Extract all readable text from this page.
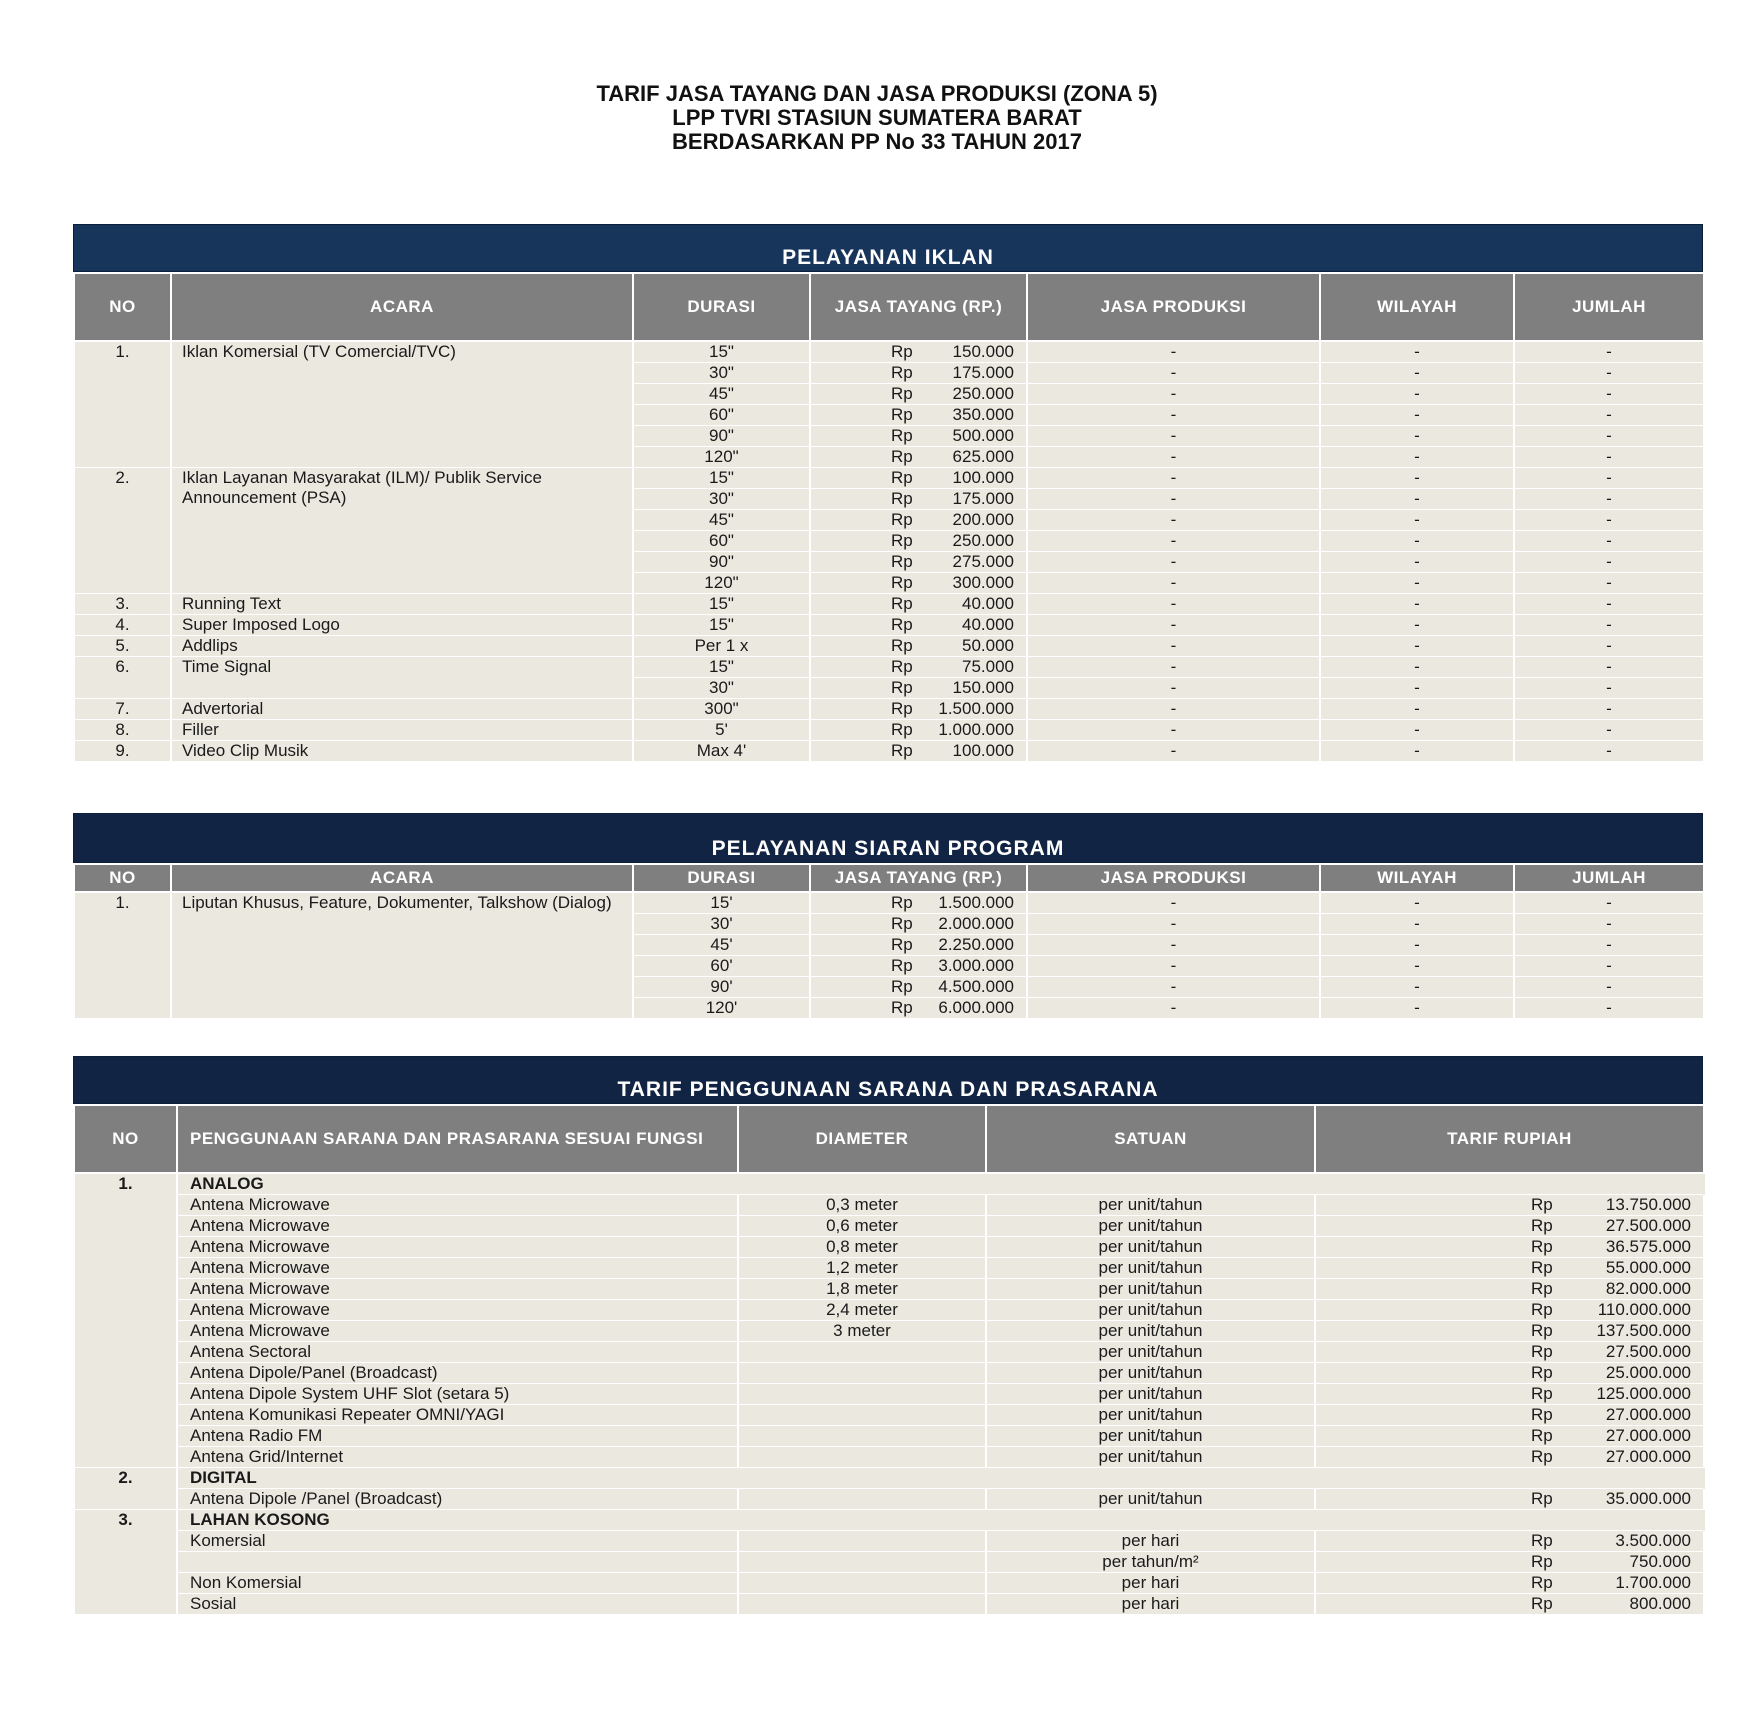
TARIF JASA TAYANG DAN JASA PRODUKSI (ZONA 5)
LPP TVRI STASIUN SUMATERA BARAT
BERDASARKAN PP No 33 TAHUN 2017
PELAYANAN IKLAN
NO	ACARA	DURASI	JASA TAYANG (RP.)	JASA PRODUKSI	WILAYAH	JUMLAH
1.	Iklan Komersial (TV Comercial/TVC)	15"	Rp 150.000	-	-	-
		30"	Rp 175.000	-	-	-
		45"	Rp 250.000	-	-	-
		60"	Rp 350.000	-	-	-
		90"	Rp 500.000	-	-	-
		120"	Rp 625.000	-	-	-
2.	Iklan Layanan Masyarakat (ILM)/ Publik Service Announcement (PSA)	15"	Rp 100.000	-	-	-
		30"	Rp 175.000	-	-	-
		45"	Rp 200.000	-	-	-
		60"	Rp 250.000	-	-	-
		90"	Rp 275.000	-	-	-
		120"	Rp 300.000	-	-	-
3.	Running Text	15"	Rp 40.000	-	-	-
4.	Super Imposed Logo	15"	Rp 40.000	-	-	-
5.	Addlips	Per 1 x	Rp 50.000	-	-	-
6.	Time Signal	15"	Rp 75.000	-	-	-
		30"	Rp 150.000	-	-	-
7.	Advertorial	300"	Rp 1.500.000	-	-	-
8.	Filler	5'	Rp 1.000.000	-	-	-
9.	Video Clip Musik	Max 4'	Rp 100.000	-	-	-
PELAYANAN SIARAN PROGRAM
NO	ACARA	DURASI	JASA TAYANG (RP.)	JASA PRODUKSI	WILAYAH	JUMLAH
1.	Liputan Khusus, Feature, Dokumenter, Talkshow (Dialog)	15'	Rp 1.500.000	-	-	-
		30'	Rp 2.000.000	-	-	-
		45'	Rp 2.250.000	-	-	-
		60'	Rp 3.000.000	-	-	-
		90'	Rp 4.500.000	-	-	-
		120'	Rp 6.000.000	-	-	-
TARIF PENGGUNAAN SARANA DAN PRASARANA
NO	PENGGUNAAN SARANA DAN PRASARANA SESUAI FUNGSI	DIAMETER	SATUAN	TARIF RUPIAH
1.	ANALOG			
	Antena Microwave	0,3 meter	per unit/tahun	Rp 13.750.000

	Antena Microwave	0,6 meter	per unit/tahun	Rp 27.500.000

	Antena Microwave	0,8 meter	per unit/tahun	Rp 36.575.000

	Antena Microwave	1,2 meter	per unit/tahun	Rp 55.000.000

	Antena Microwave	1,8 meter	per unit/tahun	Rp 82.000.000

	Antena Microwave	2,4 meter	per unit/tahun	Rp 110.000.000

	Antena Microwave	3 meter	per unit/tahun	Rp 137.500.000

	Antena Sectoral		per unit/tahun	Rp 27.500.000

	Antena Dipole/Panel (Broadcast)		per unit/tahun	Rp 25.000.000

	Antena Dipole System UHF Slot (setara 5)		per unit/tahun	Rp 125.000.000

	Antena Komunikasi Repeater OMNI/YAGI		per unit/tahun	Rp 27.000.000

	Antena Radio FM		per unit/tahun	Rp 27.000.000

	Antena Grid/Internet		per unit/tahun	Rp 27.000.000

2.	DIGITAL			
	Antena Dipole /Panel (Broadcast)		per unit/tahun	Rp 35.000.000

3.	LAHAN KOSONG			
	Komersial		per hari	Rp 3.500.000

			per tahun/m²	Rp 750.000

	Non Komersial		per hari	Rp 1.700.000

	Sosial		per hari	Rp 800.000
